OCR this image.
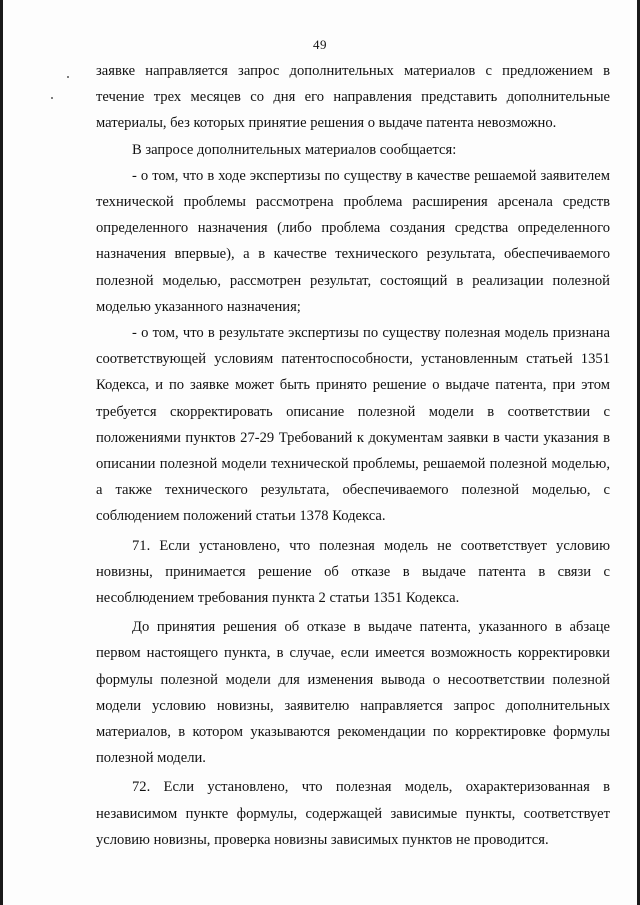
49

заявке направляется запрос дополнительных материалов с предложением в течение трех месяцев со дня его направления представить дополнительные материалы, без которых принятие решения о выдаче патента невозможно.

В запросе дополнительных материалов сообщается:

- о том, что в ходе экспертизы по существу в качестве решаемой заявителем технической проблемы рассмотрена проблема расширения арсенала средств определенного назначения (либо проблема создания средства определенного назначения впервые), а в качестве технического результата, обеспечиваемого полезной моделью, рассмотрен результат, состоящий в реализации полезной моделью указанного назначения;

- о том, что в результате экспертизы по существу полезная модель признана соответствующей условиям патентоспособности, установленным статьей 1351 Кодекса, и по заявке может быть принято решение о выдаче патента, при этом требуется скорректировать описание полезной модели в соответствии с положениями пунктов 27-29 Требований к документам заявки в части указания в описании полезной модели технической проблемы, решаемой полезной моделью, а также технического результата, обеспечиваемого полезной моделью, с соблюдением положений статьи 1378 Кодекса.

71. Если установлено, что полезная модель не соответствует условию новизны, принимается решение об отказе в выдаче патента в связи с несоблюдением требования пункта 2 статьи 1351 Кодекса.

До принятия решения об отказе в выдаче патента, указанного в абзаце первом настоящего пункта, в случае, если имеется возможность корректировки формулы полезной модели для изменения вывода о несоответствии полезной модели условию новизны, заявителю направляется запрос дополнительных материалов, в котором указываются рекомендации по корректировке формулы полезной модели.

72. Если установлено, что полезная модель, охарактеризованная в независимом пункте формулы, содержащей зависимые пункты, соответствует условию новизны, проверка новизны зависимых пунктов не проводится.
